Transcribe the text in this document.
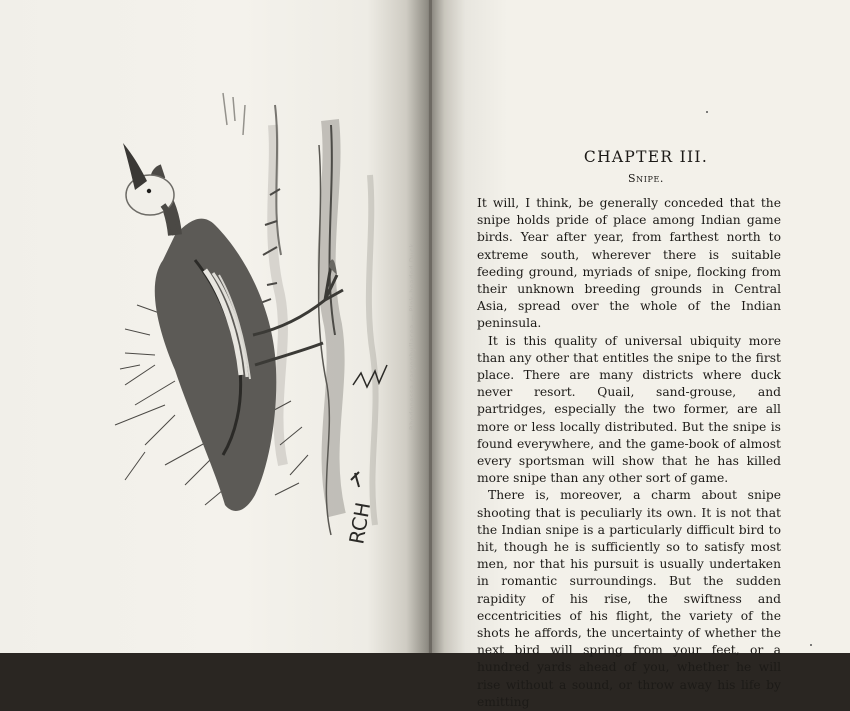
RCH
Rhodonessa caryophyllacea — Pink-headed Duck
CHAPTER III.
Snipe.

It will, I think, be generally conceded that the snipe holds pride of place among Indian game birds. Year after year, from farthest north to extreme south, wherever there is suitable feeding ground, myriads of snipe, flocking from their unknown breeding grounds in Central Asia, spread over the whole of the Indian peninsula.

It is this quality of universal ubiquity more than any other that entitles the snipe to the first place. There are many districts where duck never resort. Quail, sand-grouse, and partridges, especially the two former, are all more or less locally distributed. But the snipe is found everywhere, and the game-book of almost every sportsman will show that he has killed more snipe than any other sort of game.

There is, moreover, a charm about snipe shooting that is peculiarly its own. It is not that the Indian snipe is a particularly difficult bird to hit, though he is sufficiently so to satisfy most men, nor that his pursuit is usually undertaken in romantic surroundings. But the sudden rapidity of his rise, the swiftness and eccentricities of his flight, the variety of the shots he affords, the uncertainty of whether the next bird will spring from your feet, or a hundred yards ahead of you, whether he will rise without a sound, or throw away his life by emitting
